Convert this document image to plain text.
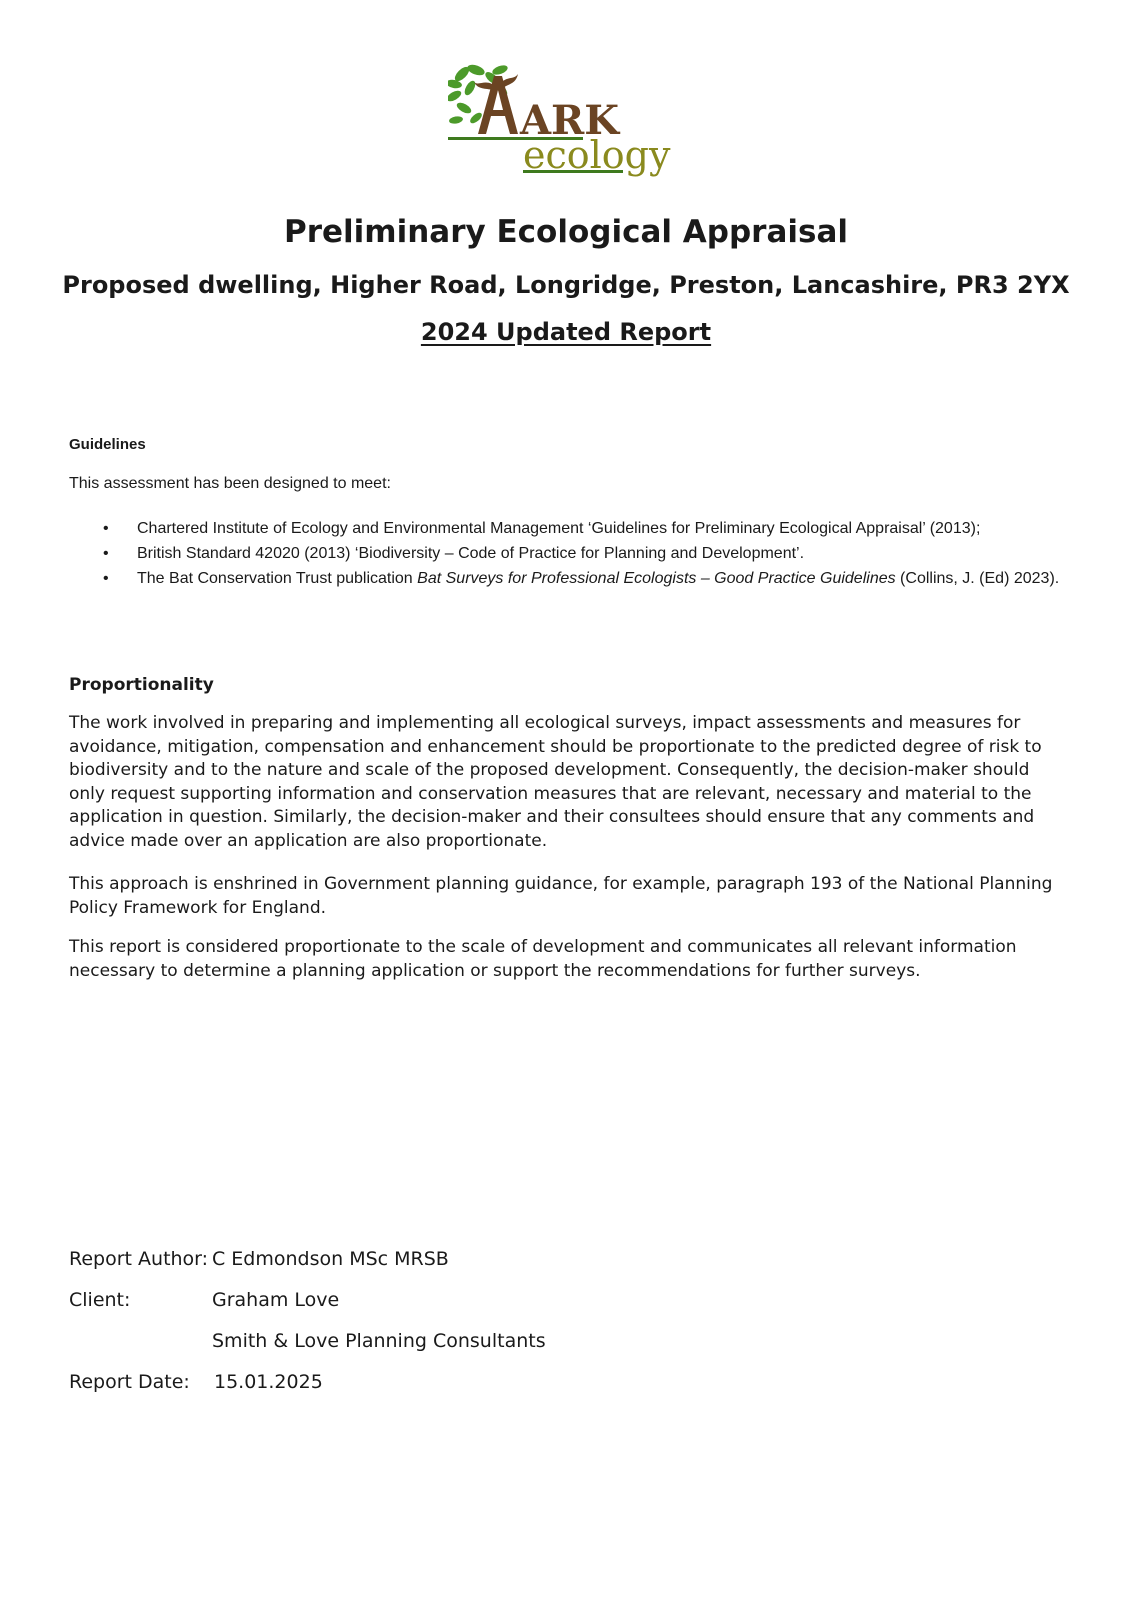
ARK
ecology
Preliminary Ecological Appraisal
Proposed dwelling, Higher Road, Longridge, Preston, Lancashire, PR3 2YX
2024 Updated Report
Guidelines
This assessment has been designed to meet:
• Chartered Institute of Ecology and Environmental Management ‘Guidelines for Preliminary Ecological Appraisal’ (2013);
• British Standard 42020 (2013) ‘Biodiversity – Code of Practice for Planning and Development’.
• The Bat Conservation Trust publication Bat Surveys for Professional Ecologists – Good Practice Guidelines (Collins, J. (Ed) 2023).
Proportionality

The work involved in preparing and implementing all ecological surveys, impact assessments and measures for avoidance, mitigation, compensation and enhancement should be proportionate to the predicted degree of risk to biodiversity and to the nature and scale of the proposed development. Consequently, the decision-maker should only request supporting information and conservation measures that are relevant, necessary and material to the application in question. Similarly, the decision-maker and their consultees should ensure that any comments and advice made over an application are also proportionate.

This approach is enshrined in Government planning guidance, for example, paragraph 193 of the National Planning Policy Framework for England.

This report is considered proportionate to the scale of development and communicates all relevant information necessary to determine a planning application or support the recommendations for further surveys.

Report Author: C Edmondson MSc MRSB
Client:	Graham Love
Smith & Love Planning Consultants
Report Date: 15.01.2025
